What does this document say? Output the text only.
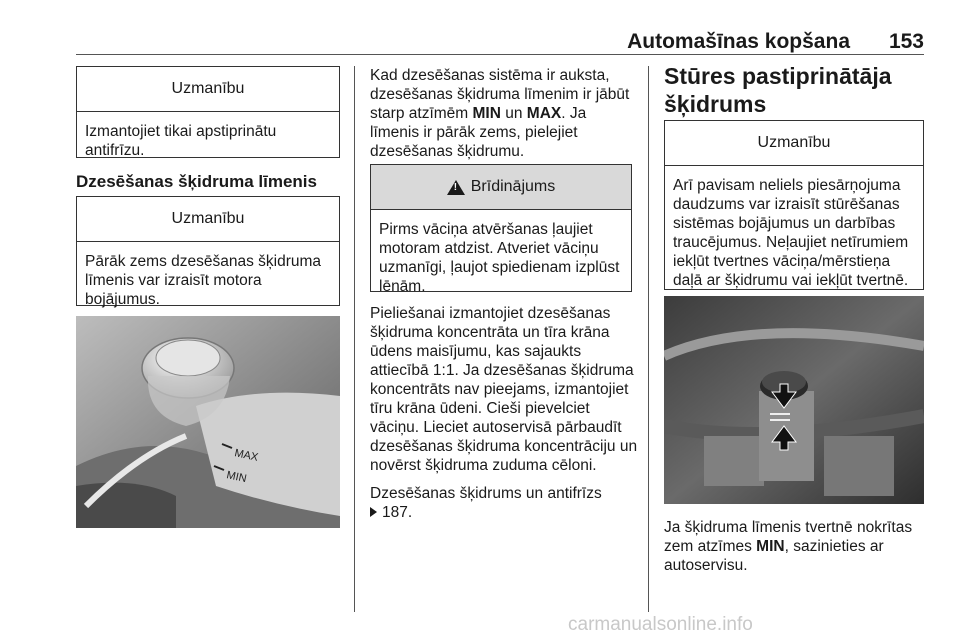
Automašīnas kopšana 153
Uzmanību
Izmantojiet tikai apstiprinātu antifrīzu.
Dzesēšanas šķidruma līmenis
Uzmanību
Pārāk zems dzesēšanas šķidruma līmenis var izraisīt motora bojājumus.
MAX
MIN
Kad dzesēšanas sistēma ir auksta, dzesēšanas šķidruma līmenim ir jābūt starp atzīmēm MIN un MAX. Ja līmenis ir pārāk zems, pielejiet dzesēšanas šķidrumu.
!
Brīdinājums
Pirms vāciņa atvēršanas ļaujiet motoram atdzist. Atveriet vāciņu uzmanīgi, ļaujot spiedienam izplūst lēnām.
Pieliešanai izmantojiet dzesēšanas šķidruma koncentrāta un tīra krāna ūdens maisījumu, kas sajaukts attiecībā 1:1. Ja dzesēšanas šķidruma koncentrāts nav pieejams, izmantojiet tīru krāna ūdeni. Cieši pievelciet vāciņu. Lieciet autoservisā pārbaudīt dzesēšanas šķidruma koncentrāciju un novērst šķidruma zuduma cēloni.
Dzesēšanas šķidrums un antifrīzs
187.
Stūres pastiprinātāja šķidrums
Uzmanību
Arī pavisam neliels piesārņojuma daudzums var izraisīt stūrēšanas sistēmas bojājumus un darbības traucējumus. Neļaujiet netīrumiem iekļūt tvertnes vāciņa/mērstieņa daļā ar šķidrumu vai iekļūt tvertnē.
Ja šķidruma līmenis tvertnē nokrītas zem atzīmes MIN, sazinieties ar autoservisu.
carmanualsonline.info
